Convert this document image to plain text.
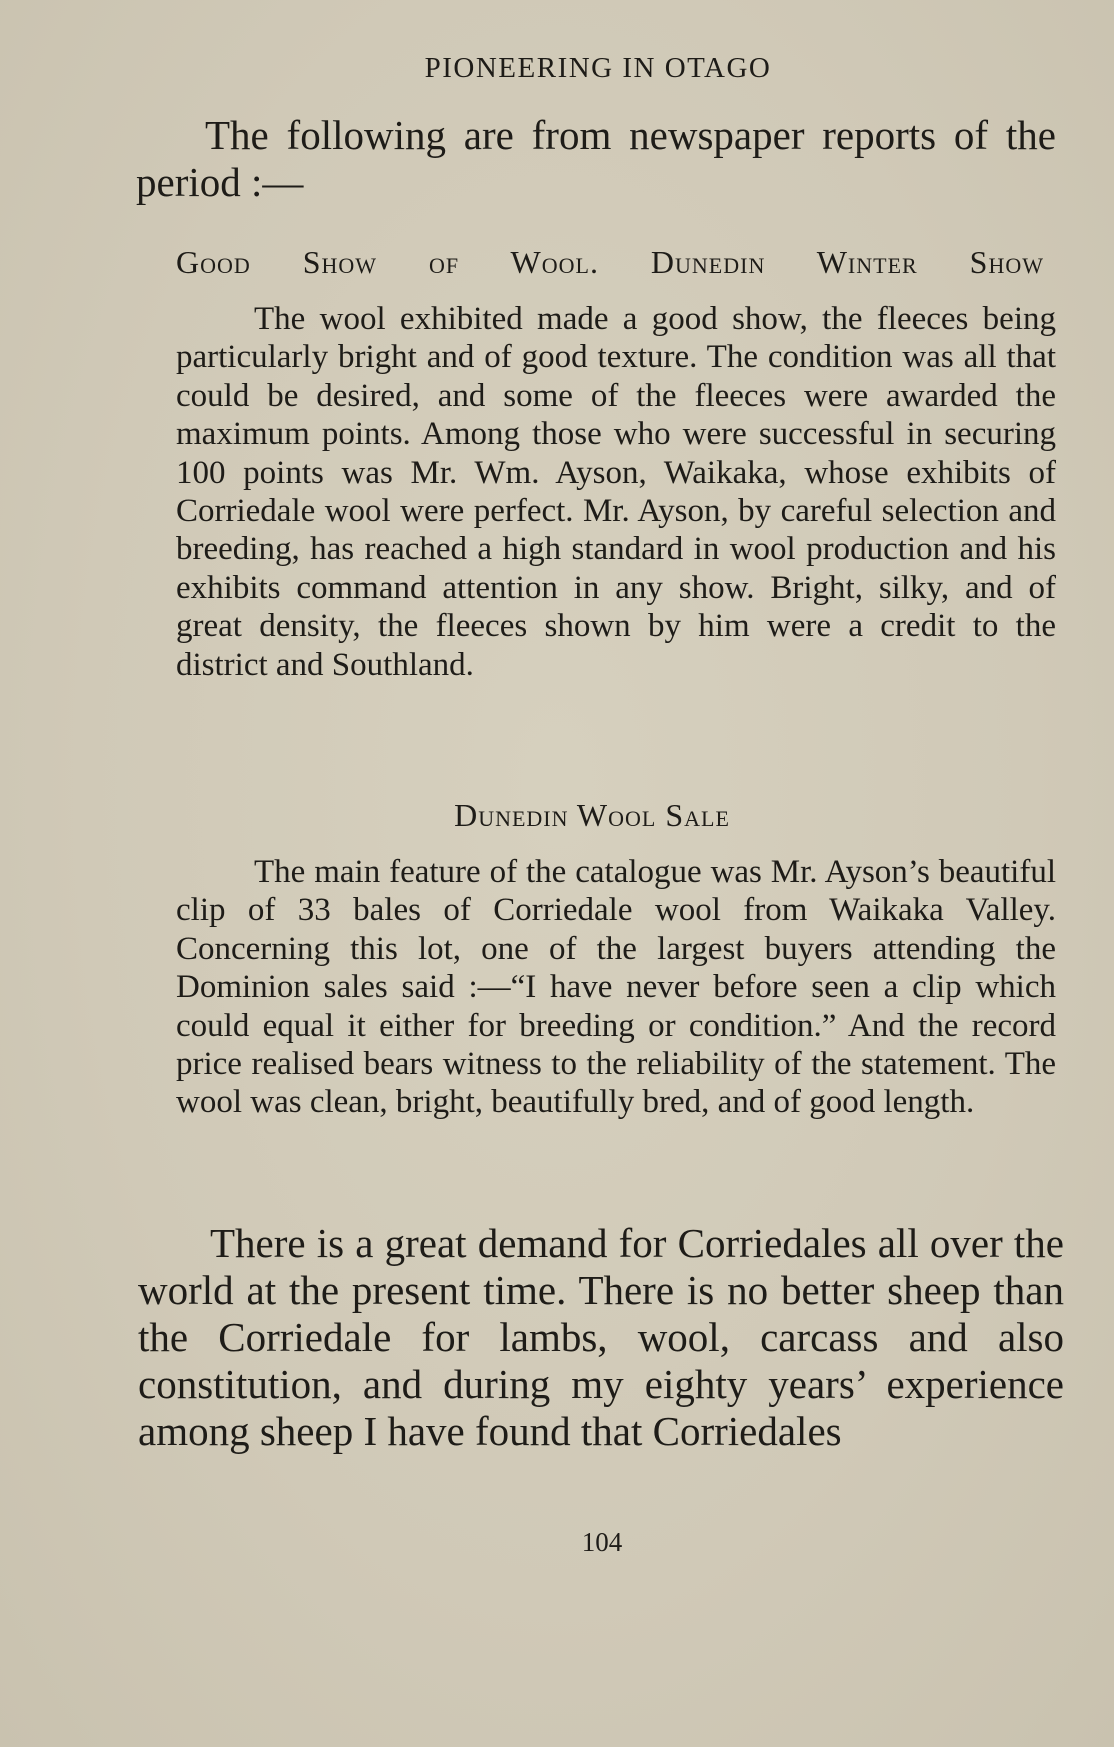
PIONEERING IN OTAGO

The following are from newspaper reports of the period :—

Good Show of Wool. Dunedin Winter Show

The wool exhibited made a good show, the fleeces being particularly bright and of good texture. The condition was all that could be desired, and some of the fleeces were awarded the maximum points. Among those who were successful in securing 100 points was Mr. Wm. Ayson, Waikaka, whose exhibits of Corriedale wool were perfect. Mr. Ayson, by careful selection and breeding, has reached a high standard in wool production and his exhibits command attention in any show. Bright, silky, and of great density, the fleeces shown by him were a credit to the district and Southland.

Dunedin Wool Sale

The main feature of the catalogue was Mr. Ayson’s beautiful clip of 33 bales of Corriedale wool from Waikaka Valley. Concerning this lot, one of the largest buyers attending the Dominion sales said :—“I have never before seen a clip which could equal it either for breeding or condition.” And the record price realised bears witness to the reliability of the statement. The wool was clean, bright, beautifully bred, and of good length.

There is a great demand for Corriedales all over the world at the present time. There is no better sheep than the Corriedale for lambs, wool, carcass and also constitution, and during my eighty years’ experience among sheep I have found that Corriedales

104
